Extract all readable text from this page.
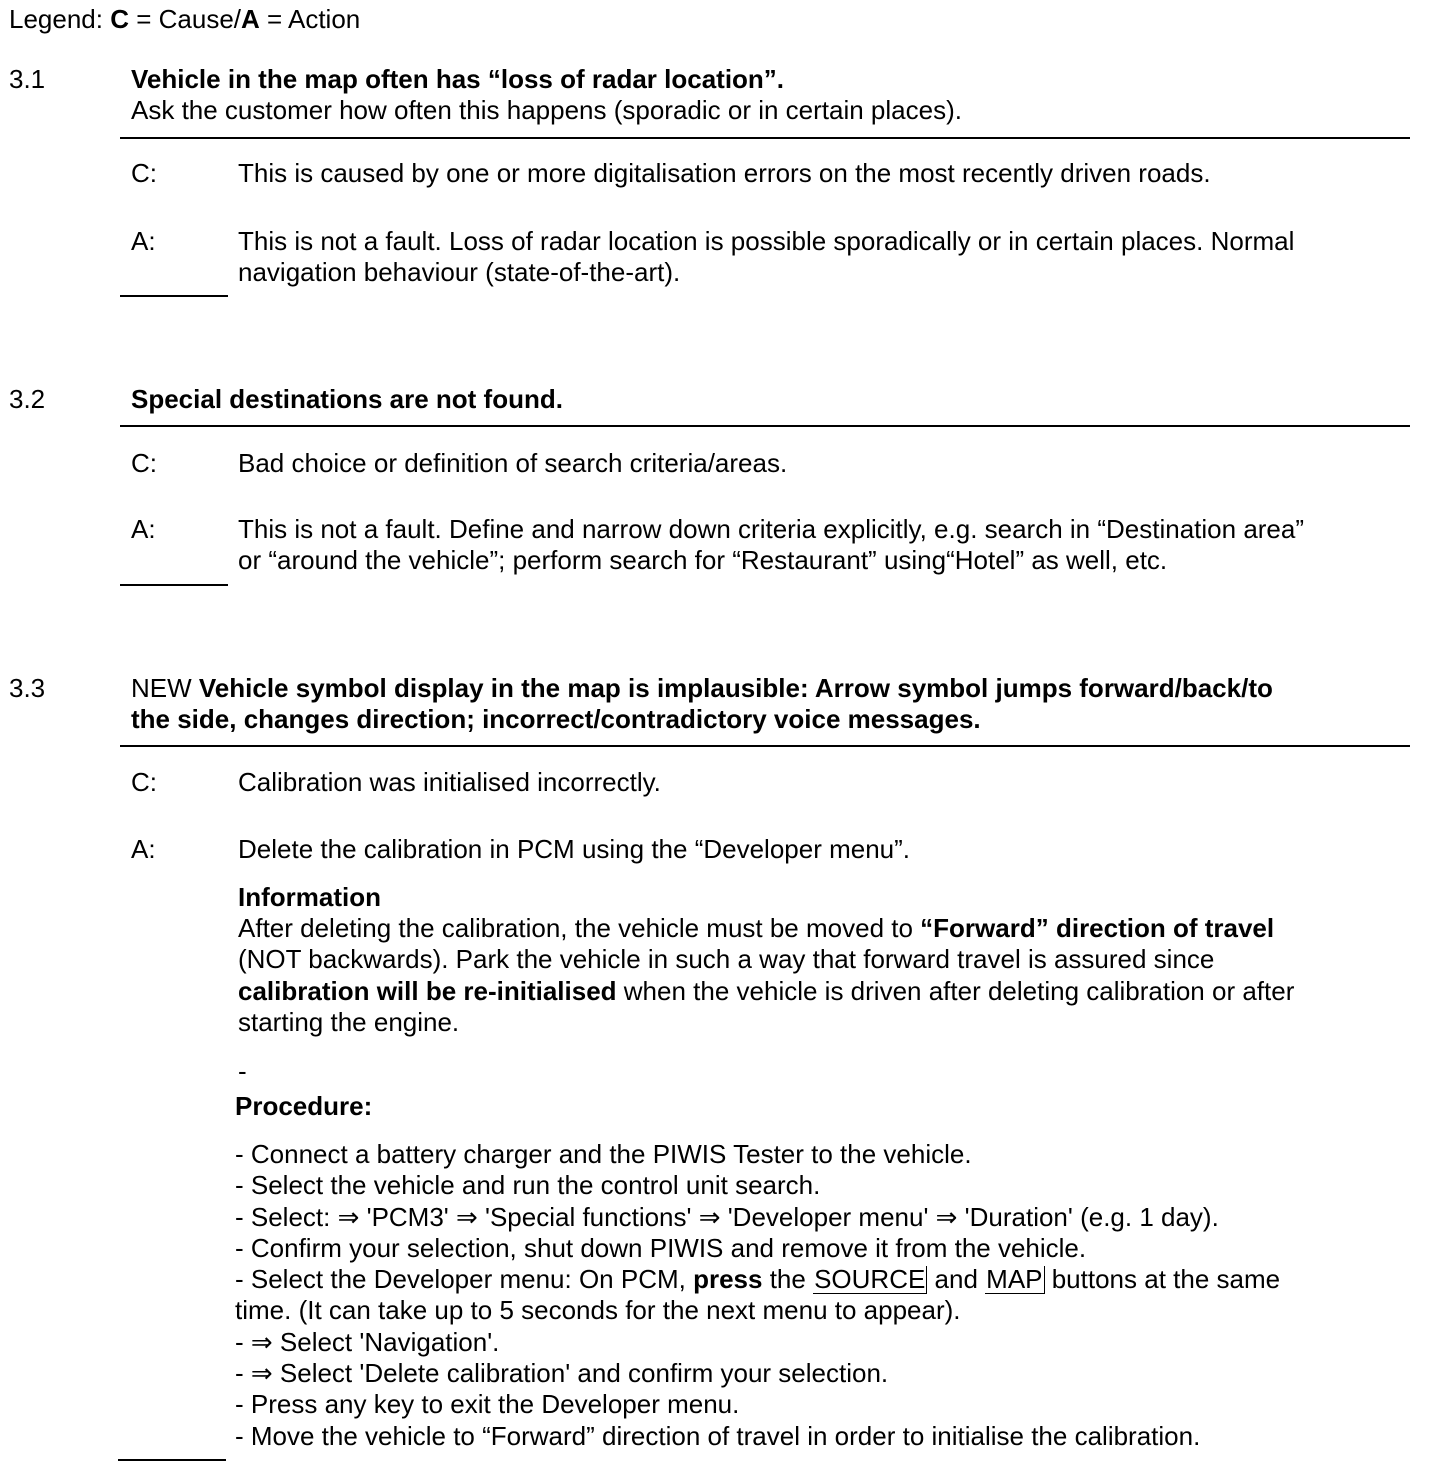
Legend: C = Cause/A = Action
3.1	Vehicle in the map often has “loss of radar location”.
Ask the customer how often this happens (sporadic or in certain places).
C:	This is caused by one or more digitalisation errors on the most recently driven roads.
A:	This is not a fault. Loss of radar location is possible sporadically or in certain places. Normal
navigation behaviour (state-of-the-art).
3.2	Special destinations are not found.
C:	Bad choice or definition of search criteria/areas.
A:	This is not a fault. Define and narrow down criteria explicitly, e.g. search in “Destination area”
or “around the vehicle”; perform search for “Restaurant” using“Hotel” as well, etc.
3.3	NEW Vehicle symbol display in the map is implausible: Arrow symbol jumps forward/back/to
the side, changes direction; incorrect/contradictory voice messages.
C:	Calibration was initialised incorrectly.
A:	Delete the calibration in PCM using the “Developer menu”.
Information
After deleting the calibration, the vehicle must be moved to “Forward” direction of travel
(NOT backwards). Park the vehicle in such a way that forward travel is assured since
calibration will be re-initialised when the vehicle is driven after deleting calibration or after
starting the engine.
-
Procedure:
- Connect a battery charger and the PIWIS Tester to the vehicle.
- Select the vehicle and run the control unit search.
- Select: ⇒ 'PCM3' ⇒ 'Special functions' ⇒ 'Developer menu' ⇒ 'Duration' (e.g. 1 day).
- Confirm your selection, shut down PIWIS and remove it from the vehicle.
- Select the Developer menu: On PCM, press the SOURCE and MAP buttons at the same
time. (It can take up to 5 seconds for the next menu to appear).
- ⇒ Select 'Navigation'.
- ⇒ Select 'Delete calibration' and confirm your selection.
- Press any key to exit the Developer menu.
- Move the vehicle to “Forward” direction of travel in order to initialise the calibration.
